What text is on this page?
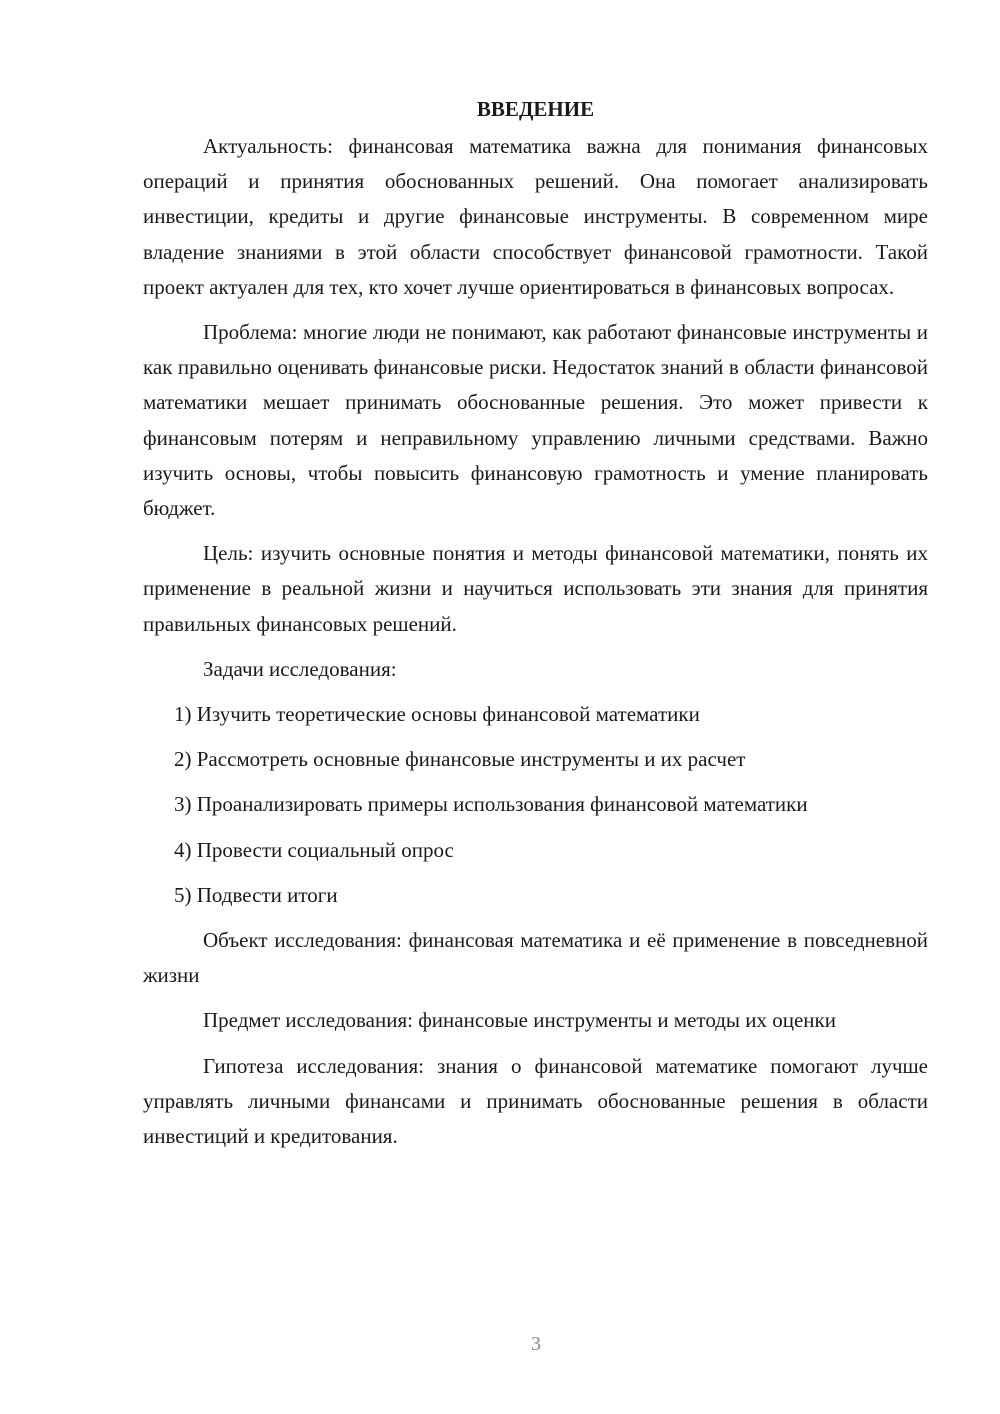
ВВЕДЕНИЕ

Актуальность: финансовая математика важна для понимания финансовых операций и принятия обоснованных решений. Она помогает анализировать инвестиции, кредиты и другие финансовые инструменты. В современном мире владение знаниями в этой области способствует финансовой грамотности. Такой проект актуален для тех, кто хочет лучше ориентироваться в финансовых вопросах.

Проблема: многие люди не понимают, как работают финансовые инструменты и как правильно оценивать финансовые риски. Недостаток знаний в области финансовой математики мешает принимать обоснованные решения. Это может привести к финансовым потерям и неправильному управлению личными средствами. Важно изучить основы, чтобы повысить финансовую грамотность и умение планировать бюджет.

Цель: изучить основные понятия и методы финансовой математики, понять их применение в реальной жизни и научиться использовать эти знания для принятия правильных финансовых решений.

Задачи исследования:

1) Изучить теоретические основы финансовой математики

2) Рассмотреть основные финансовые инструменты и их расчет

3) Проанализировать примеры использования финансовой математики

4) Провести социальный опрос

5) Подвести итоги

Объект исследования: финансовая математика и её применение в повседневной жизни

Предмет исследования: финансовые инструменты и методы их оценки

Гипотеза исследования: знания о финансовой математике помогают лучше управлять личными финансами и принимать обоснованные решения в области инвестиций и кредитования.

3
